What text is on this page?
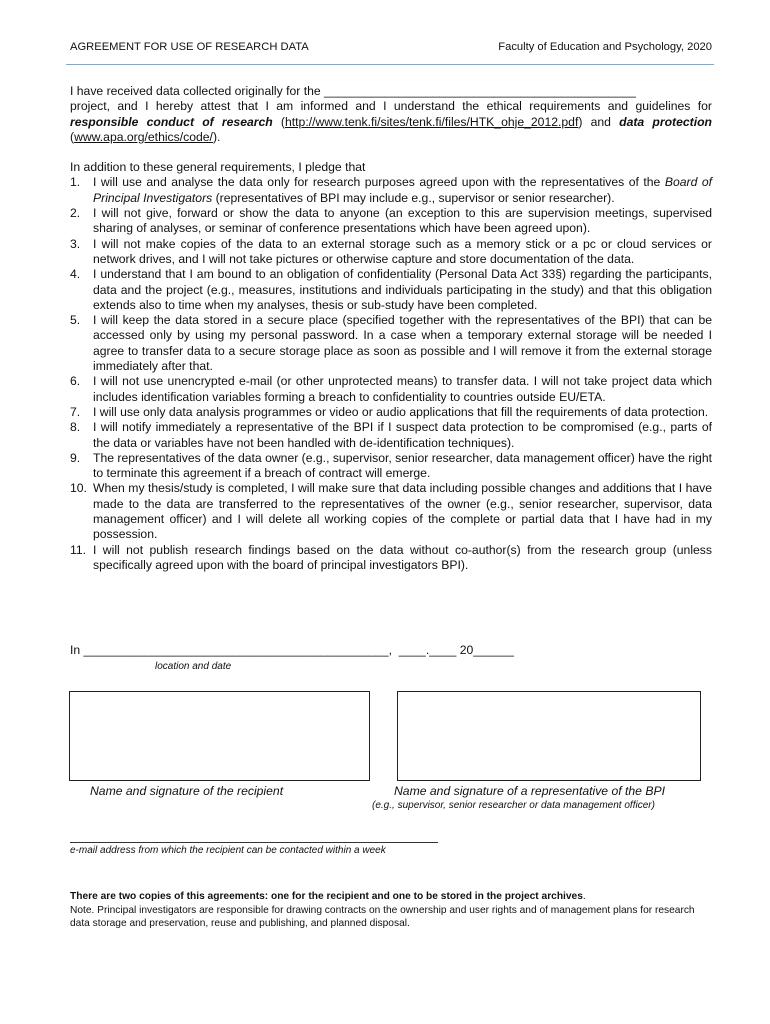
AGREEMENT FOR USE OF RESEARCH DATA	Faculty of Education and Psychology, 2020

I have received data collected originally for the ______________________________________________

project, and I hereby attest that I am informed and I understand the ethical requirements and guidelines for responsible conduct of research (http://www.tenk.fi/sites/tenk.fi/files/HTK_ohje_2012.pdf) and data protection (www.apa.org/ethics/code/).

In addition to these general requirements, I pledge that

1. I will use and analyse the data only for research purposes agreed upon with the representatives of the Board of Principal Investigators (representatives of BPI may include e.g., supervisor or senior researcher).
2. I will not give, forward or show the data to anyone (an exception to this are supervision meetings, supervised sharing of analyses, or seminar of conference presentations which have been agreed upon).
3. I will not make copies of the data to an external storage such as a memory stick or a pc or cloud services or network drives, and I will not take pictures or otherwise capture and store documentation of the data.
4. I understand that I am bound to an obligation of confidentiality (Personal Data Act 33§) regarding the participants, data and the project (e.g., measures, institutions and individuals participating in the study) and that this obligation extends also to time when my analyses, thesis or sub-study have been completed.
5. I will keep the data stored in a secure place (specified together with the representatives of the BPI) that can be accessed only by using my personal password. In a case when a temporary external storage will be needed I agree to transfer data to a secure storage place as soon as possible and I will remove it from the external storage immediately after that.
6. I will not use unencrypted e-mail (or other unprotected means) to transfer data. I will not take project data which includes identification variables forming a breach to confidentiality to countries outside EU/ETA.
7. I will use only data analysis programmes or video or audio applications that fill the requirements of data protection.
8. I will notify immediately a representative of the BPI if I suspect data protection to be compromised (e.g., parts of the data or variables have not been handled with de-identification techniques).
9. The representatives of the data owner (e.g., supervisor, senior researcher, data management officer) have the right to terminate this agreement if a breach of contract will emerge.
10. When my thesis/study is completed, I will make sure that data including possible changes and additions that I have made to the data are transferred to the representatives of the owner (e.g., senior researcher, supervisor, data management officer) and I will delete all working copies of the complete or partial data that I have had in my possession.
11. I will not publish research findings based on the data without co-author(s) from the research group (unless specifically agreed upon with the board of principal investigators BPI).
In _____________________________________________,  ____.____ 20______
location and date
Name and signature of the recipient	Name and signature of a representative of the BPI
(e.g., supervisor, senior researcher or data management officer)
e-mail address from which the recipient can be contacted within a week

There are two copies of this agreements: one for the recipient and one to be stored in the project archives.

Note. Principal investigators are responsible for drawing contracts on the ownership and user rights and of management plans for research data storage and preservation, reuse and publishing, and planned disposal.
